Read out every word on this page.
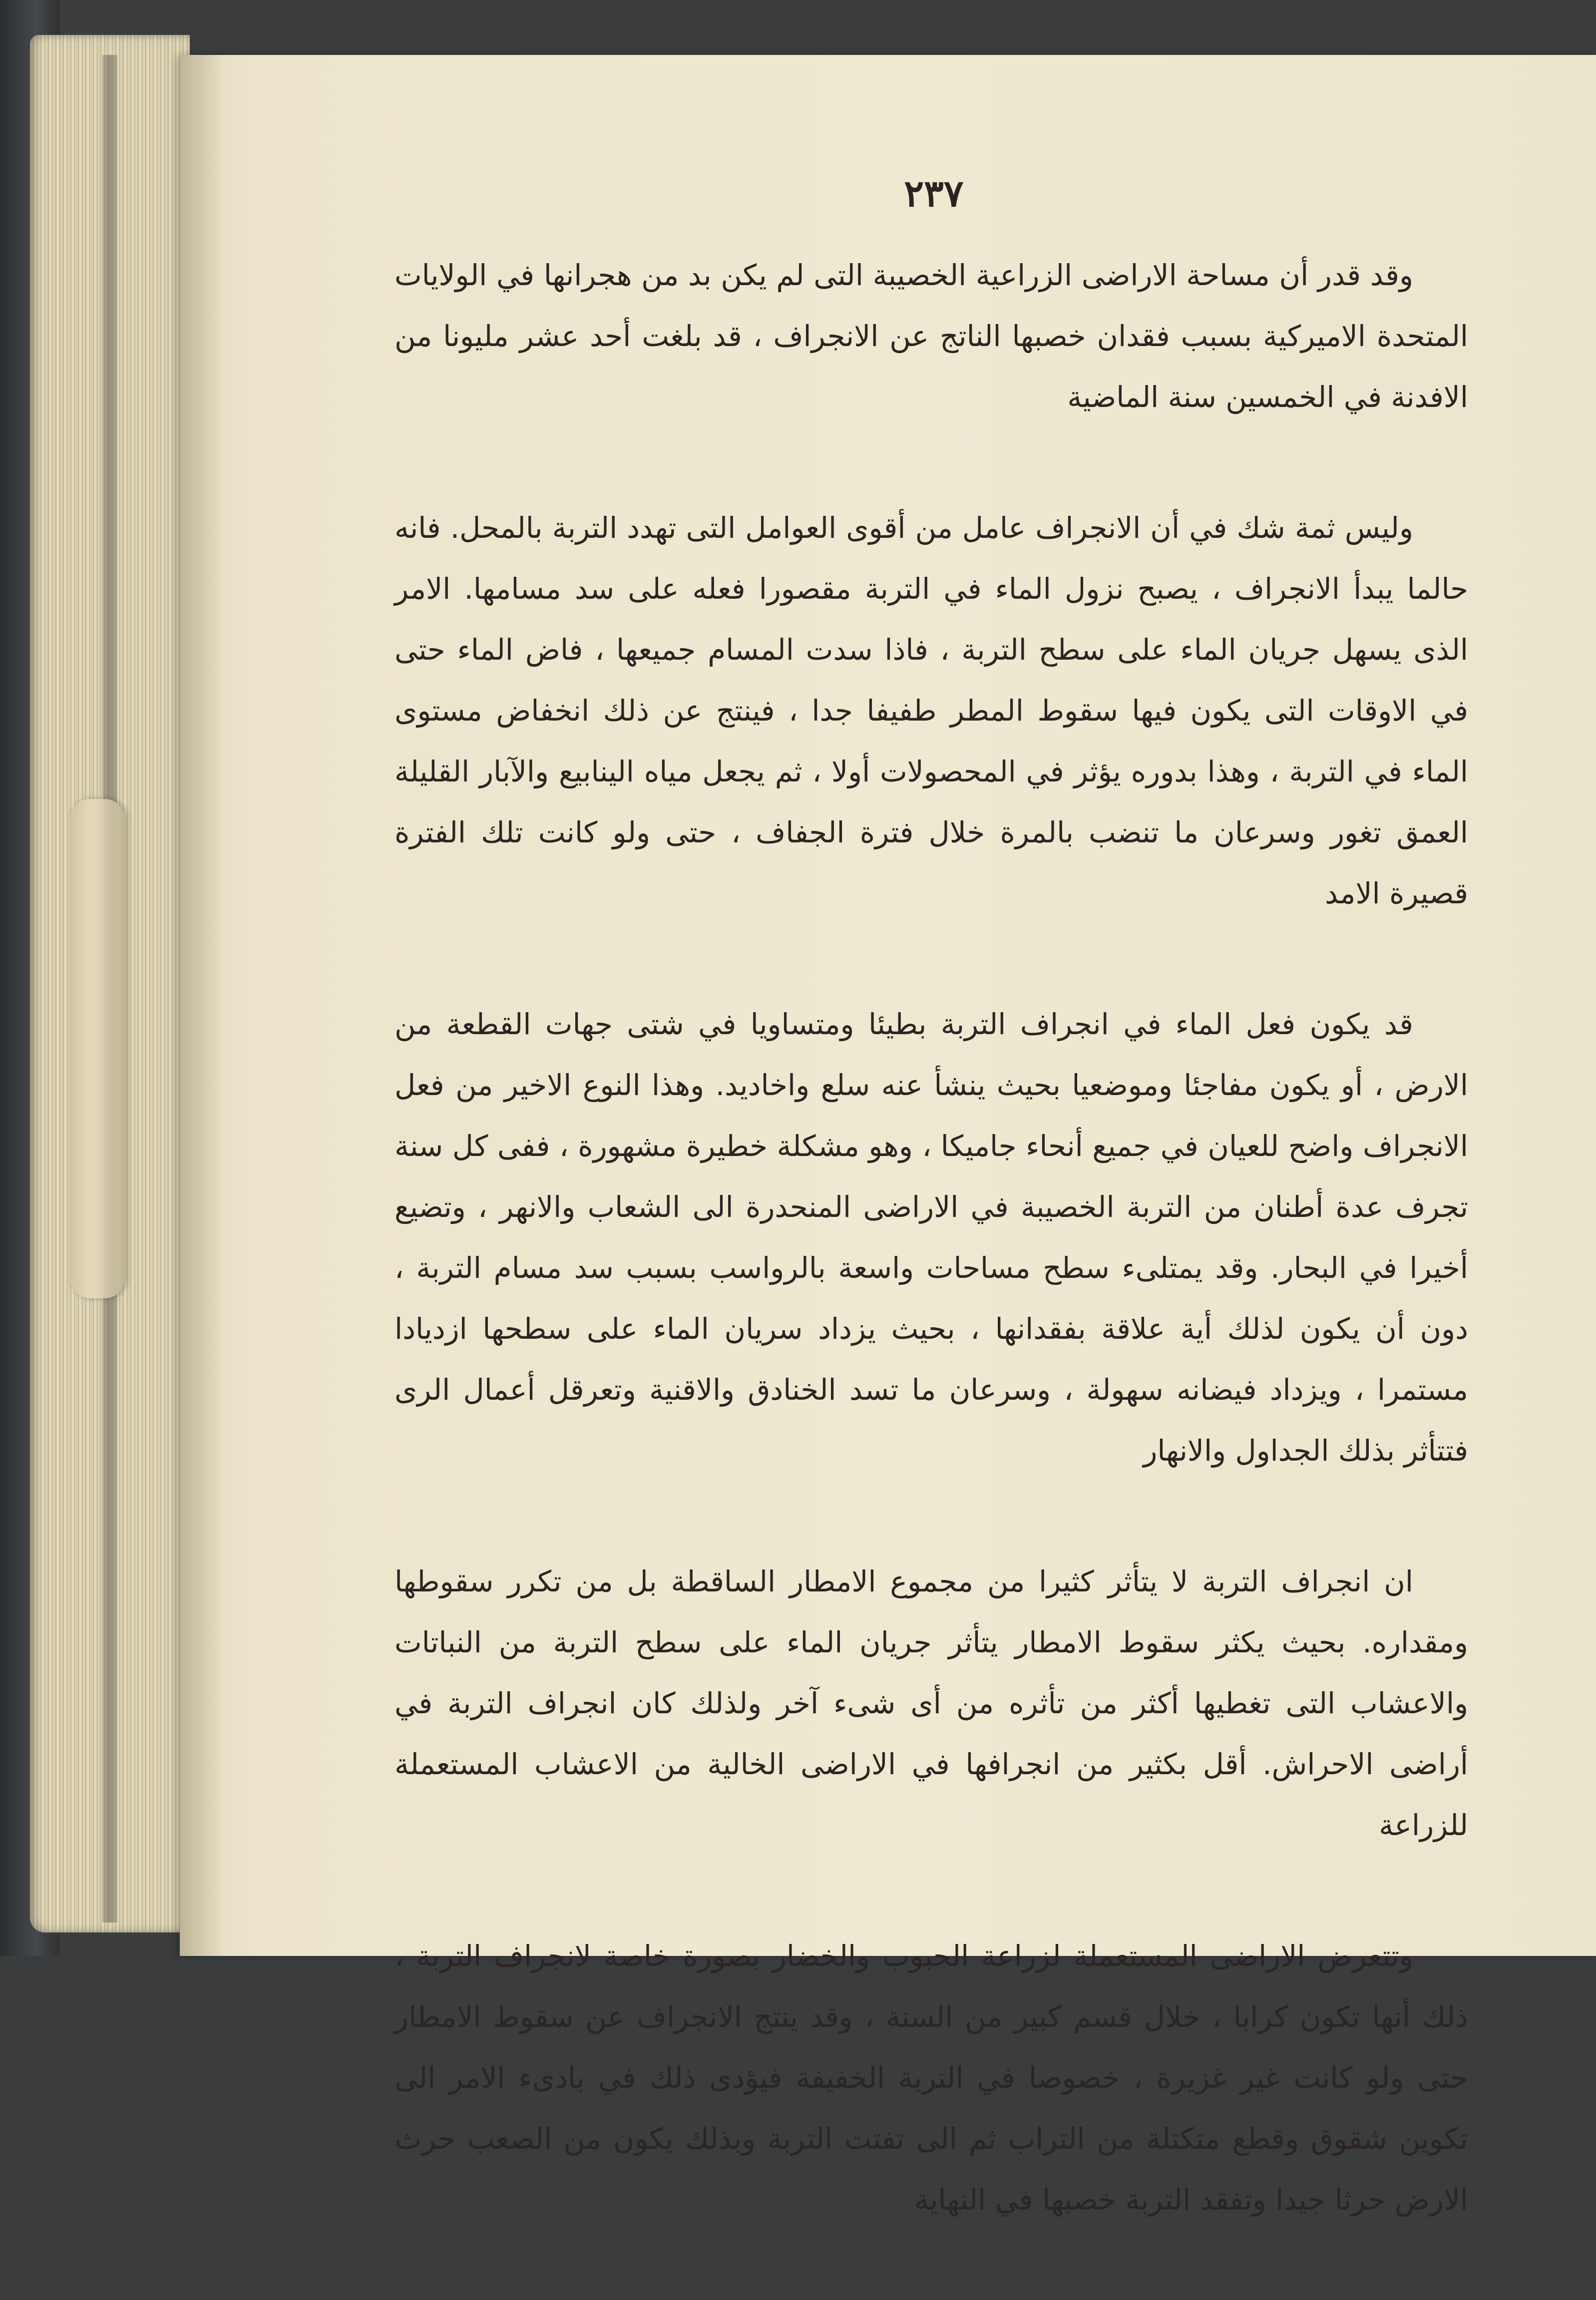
٢٣٧

وقد قدر أن مساحة الاراضى الزراعية الخصيبة التى لم يكن بد من هجرانها في الولايات المتحدة الاميركية بسبب فقدان خصبها الناتج عن الانجراف ، قد بلغت أحد عشر مليونا من الافدنة في الخمسين سنة الماضية

وليس ثمة شك في أن الانجراف عامل من أقوى العوامل التى تهدد التربة بالمحل. فانه حالما يبدأ الانجراف ، يصبح نزول الماء في التربة مقصورا فعله على سد مسامها. الامر الذى يسهل جريان الماء على سطح التربة ، فاذا سدت المسام جميعها ، فاض الماء حتى في الاوقات التى يكون فيها سقوط المطر طفيفا جدا ، فينتج عن ذلك انخفاض مستوى الماء في التربة ، وهذا بدوره يؤثر في المحصولات أولا ، ثم يجعل مياه الينابيع والآبار القليلة العمق تغور وسرعان ما تنضب بالمرة خلال فترة الجفاف ، حتى ولو كانت تلك الفترة قصيرة الامد

قد يكون فعل الماء في انجراف التربة بطيئا ومتساويا في شتى جهات القطعة من الارض ، أو يكون مفاجئا وموضعيا بحيث ينشأ عنه سلع واخاديد. وهذا النوع الاخير من فعل الانجراف واضح للعيان في جميع أنحاء جاميكا ، وهو مشكلة خطيرة مشهورة ، ففى كل سنة تجرف عدة أطنان من التربة الخصيبة في الاراضى المنحدرة الى الشعاب والانهر ، وتضيع أخيرا في البحار. وقد يمتلىء سطح مساحات واسعة بالرواسب بسبب سد مسام التربة ، دون أن يكون لذلك أية علاقة بفقدانها ، بحيث يزداد سريان الماء على سطحها ازديادا مستمرا ، ويزداد فيضانه سهولة ، وسرعان ما تسد الخنادق والاقنية وتعرقل أعمال الرى فتتأثر بذلك الجداول والانهار

ان انجراف التربة لا يتأثر كثيرا من مجموع الامطار الساقطة بل من تكرر سقوطها ومقداره. بحيث يكثر سقوط الامطار يتأثر جريان الماء على سطح التربة من النباتات والاعشاب التى تغطيها أكثر من تأثره من أى شىء آخر ولذلك كان انجراف التربة في أراضى الاحراش. أقل بكثير من انجرافها في الاراضى الخالية من الاعشاب المستعملة للزراعة

وتتعرض الاراضى المستعملة لزراعة الحبوب والخضار بصورة خاصة لانجراف التربة ، ذلك أنها تكون كرابا ، خلال قسم كبير من السنة ، وقد ينتج الانجراف عن سقوط الامطار حتى ولو كانت غير غزيرة ، خصوصا في التربة الخفيفة فيؤدى ذلك في بادىء الامر الى تكوين شقوق وقطع متكتلة من التراب ثم الى تفتت التربة وبذلك يكون من الصعب حرث الارض حرثا جيدا وتفقد التربة خصبها في النهاية
